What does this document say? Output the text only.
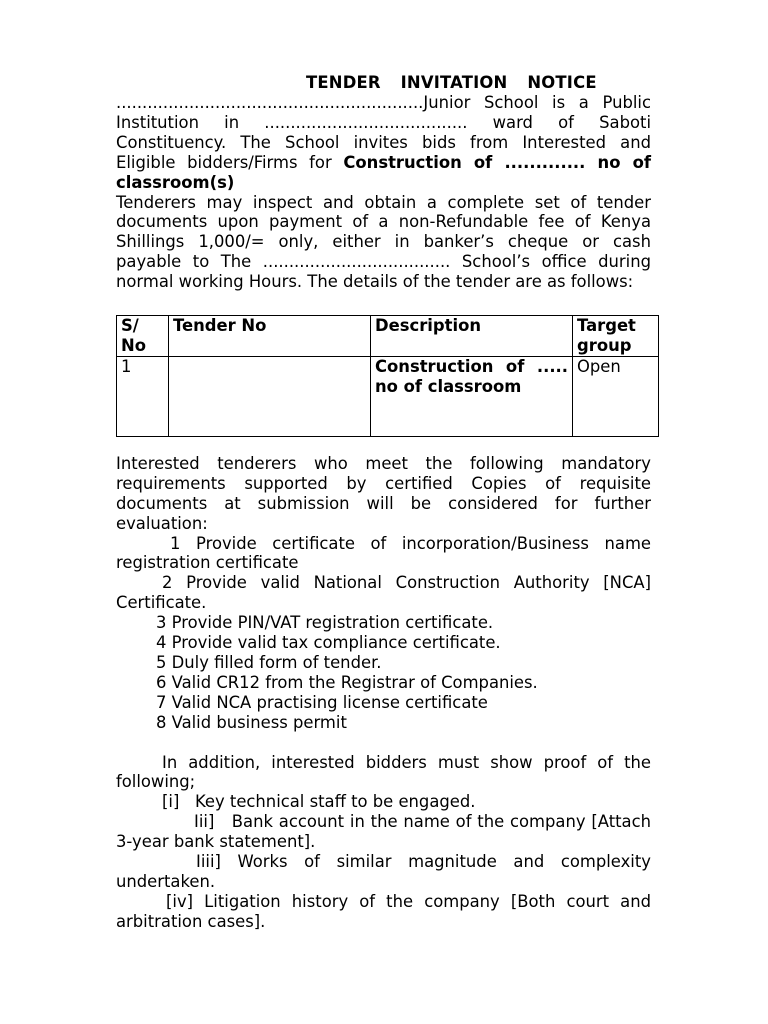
TENDER INVITATION NOTICE

...........................................................Junior School is a Public Institution in ....................................... ward of Saboti Constituency. The School invites bids from Interested and Eligible bidders/Firms for Construction of ............. no of classroom(s)

Tenderers may inspect and obtain a complete set of tender documents upon payment of a non-Refundable fee of Kenya Shillings 1,000/= only, either in banker’s cheque or cash payable to The .................................... School’s office during normal working Hours. The details of the tender are as follows:

S/ No	Tender No	Description	Target group
1		Construction of ..... no of classroom	Open

Interested tenderers who meet the following mandatory requirements supported by certified Copies of requisite documents at submission will be considered for further evaluation:

1 Provide certificate of incorporation/Business name registration certificate
2 Provide valid National Construction Authority [NCA] Certificate.
3 Provide PIN/VAT registration certificate.
4 Provide valid tax compliance certificate.
5 Duly filled form of tender.
6 Valid CR12 from the Registrar of Companies.
7 Valid NCA practising license certificate
8 Valid business permit

In addition, interested bidders must show proof of the following;

[i]   Key technical staff to be engaged.
Iii]   Bank account in the name of the company [Attach 3-year bank statement].
Iiii] Works of similar magnitude and complexity undertaken.
[iv] Litigation history of the company [Both court and arbitration cases].
